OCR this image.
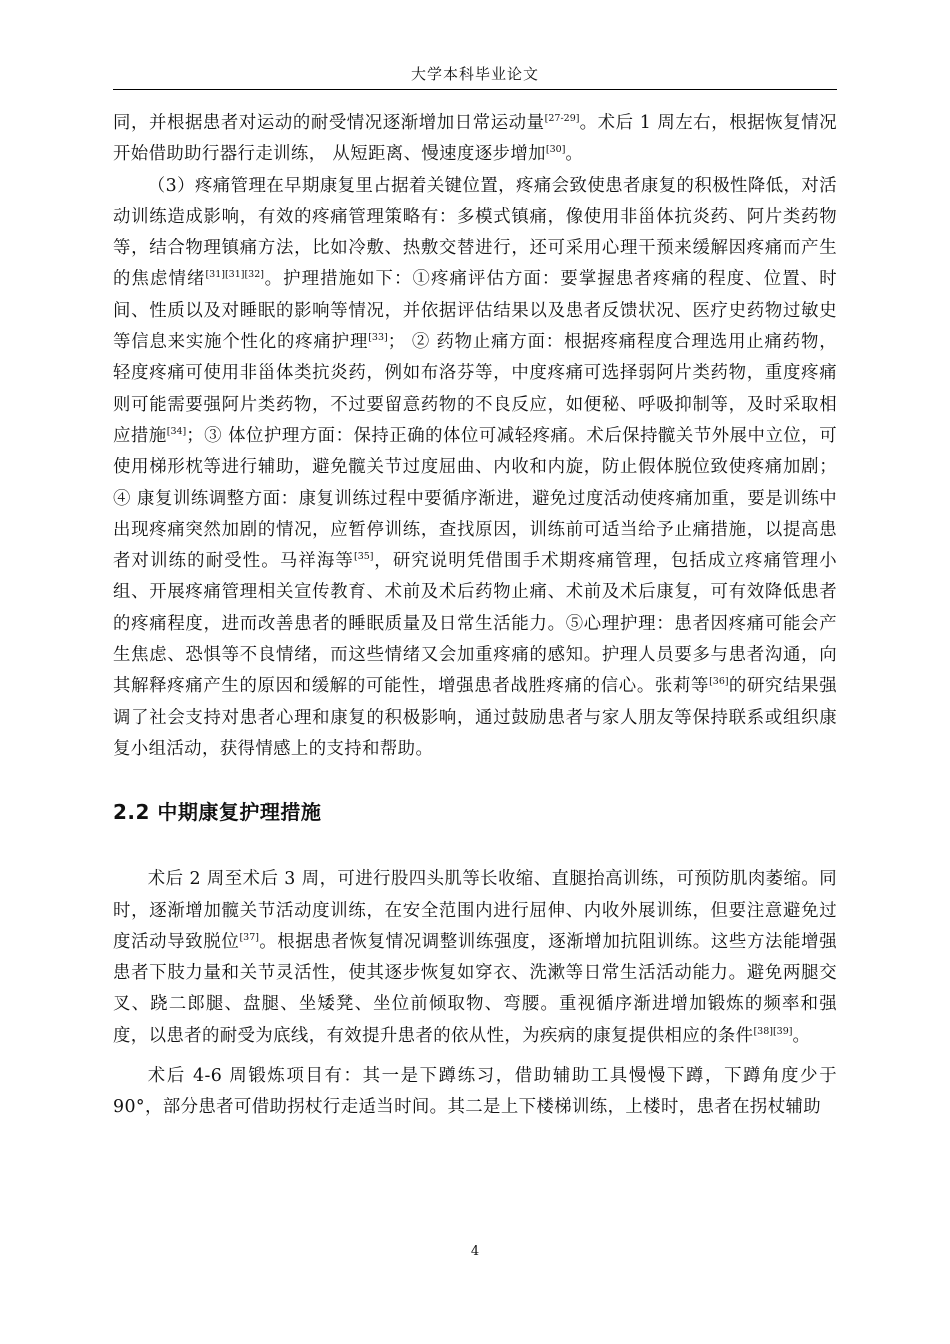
大学本科毕业论文

同，并根据患者对运动的耐受情况逐渐增加日常运动量[27-29]。术后 1 周左右，根据恢复情况开始借助助行器行走训练， 从短距离、慢速度逐步增加[30]。

（3）疼痛管理在早期康复里占据着关键位置，疼痛会致使患者康复的积极性降低，对活动训练造成影响，有效的疼痛管理策略有：多模式镇痛，像使用非甾体抗炎药、阿片类药物等，结合物理镇痛方法，比如冷敷、热敷交替进行，还可采用心理干预来缓解因疼痛而产生的焦虑情绪[31][31][32]。护理措施如下：①疼痛评估方面：要掌握患者疼痛的程度、位置、时间、性质以及对睡眠的影响等情况，并依据评估结果以及患者反馈状况、医疗史药物过敏史等信息来实施个性化的疼痛护理[33]； ② 药物止痛方面：根据疼痛程度合理选用止痛药物，轻度疼痛可使用非甾体类抗炎药，例如布洛芬等，中度疼痛可选择弱阿片类药物，重度疼痛则可能需要强阿片类药物，不过要留意药物的不良反应，如便秘、呼吸抑制等，及时采取相应措施[34]；③ 体位护理方面：保持正确的体位可减轻疼痛。术后保持髋关节外展中立位，可使用梯形枕等进行辅助，避免髋关节过度屈曲、内收和内旋，防止假体脱位致使疼痛加剧；④ 康复训练调整方面：康复训练过程中要循序渐进，避免过度活动使疼痛加重，要是训练中出现疼痛突然加剧的情况，应暂停训练，查找原因，训练前可适当给予止痛措施，以提高患者对训练的耐受性。马祥海等[35]，研究说明凭借围手术期疼痛管理，包括成立疼痛管理小组、开展疼痛管理相关宣传教育、术前及术后药物止痛、术前及术后康复，可有效降低患者的疼痛程度，进而改善患者的睡眠质量及日常生活能力。⑤心理护理：患者因疼痛可能会产生焦虑、恐惧等不良情绪，而这些情绪又会加重疼痛的感知。护理人员要多与患者沟通，向其解释疼痛产生的原因和缓解的可能性，增强患者战胜疼痛的信心。张莉等[36]的研究结果强调了社会支持对患者心理和康复的积极影响，通过鼓励患者与家人朋友等保持联系或组织康复小组活动，获得情感上的支持和帮助。

2.2 中期康复护理措施

术后 2 周至术后 3 周，可进行股四头肌等长收缩、直腿抬高训练，可预防肌肉萎缩。同时，逐渐增加髋关节活动度训练，在安全范围内进行屈伸、内收外展训练，但要注意避免过度活动导致脱位[37]。根据患者恢复情况调整训练强度，逐渐增加抗阻训练。这些方法能增强患者下肢力量和关节灵活性，使其逐步恢复如穿衣、洗漱等日常生活活动能力。避免两腿交叉、跷二郎腿、盘腿、坐矮凳、坐位前倾取物、弯腰。重视循序渐进增加锻炼的频率和强度，以患者的耐受为底线，有效提升患者的依从性，为疾病的康复提供相应的条件[38][39]。

术后 4-6 周锻炼项目有：其一是下蹲练习，借助辅助工具慢慢下蹲，下蹲角度少于 90°，部分患者可借助拐杖行走适当时间。其二是上下楼梯训练，上楼时，患者在拐杖辅助

4
